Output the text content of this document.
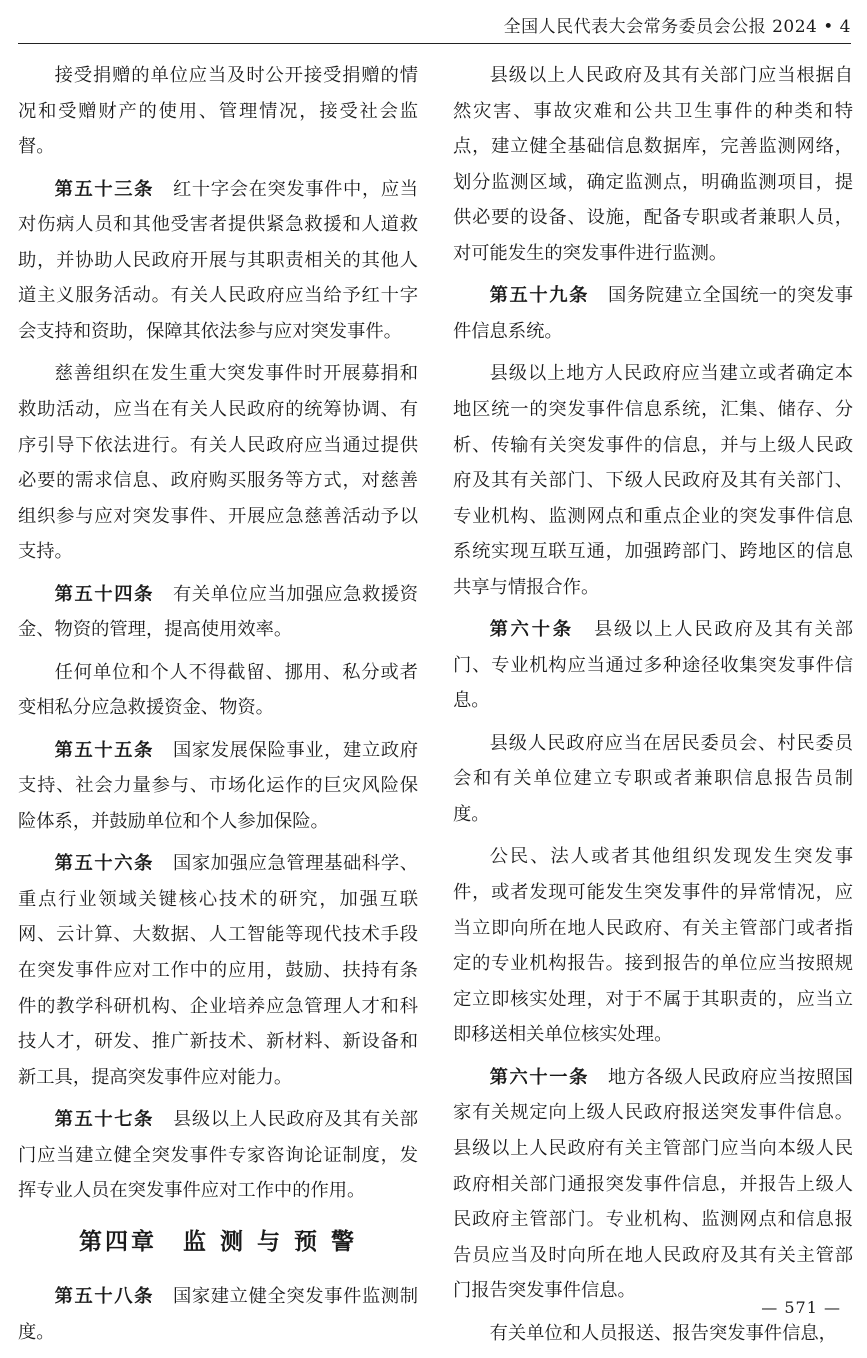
全国人民代表大会常务委员会公报 2024 • 4

接受捐赠的单位应当及时公开接受捐赠的情况和受赠财产的使用、管理情况，接受社会监督。

第五十三条　 红十字会在突发事件中，应当对伤病人员和其他受害者提供紧急救援和人道救助，并协助人民政府开展与其职责相关的其他人道主义服务活动。有关人民政府应当给予红十字会支持和资助，保障其依法参与应对突发事件。

慈善组织在发生重大突发事件时开展募捐和救助活动，应当在有关人民政府的统筹协调、有序引导下依法进行。有关人民政府应当通过提供必要的需求信息、政府购买服务等方式，对慈善组织参与应对突发事件、开展应急慈善活动予以支持。

第五十四条　 有关单位应当加强应急救援资金、物资的管理，提高使用效率。

任何单位和个人不得截留、挪用、私分或者变相私分应急救援资金、物资。

第五十五条　 国家发展保险事业，建立政府支持、社会力量参与、市场化运作的巨灾风险保险体系，并鼓励单位和个人参加保险。

第五十六条　 国家加强应急管理基础科学、重点行业领域关键核心技术的研究，加强互联网、云计算、大数据、人工智能等现代技术手段在突发事件应对工作中的应用，鼓励、扶持有条件的教学科研机构、企业培养应急管理人才和科技人才，研发、推广新技术、新材料、新设备和新工具，提高突发事件应对能力。

第五十七条　 县级以上人民政府及其有关部门应当建立健全突发事件专家咨询论证制度，发挥专业人员在突发事件应对工作中的作用。

第四章　监 测 与 预 警

第五十八条　 国家建立健全突发事件监测制度。

县级以上人民政府及其有关部门应当根据自然灾害、事故灾难和公共卫生事件的种类和特点，建立健全基础信息数据库，完善监测网络，划分监测区域，确定监测点，明确监测项目，提供必要的设备、设施，配备专职或者兼职人员，对可能发生的突发事件进行监测。

第五十九条　 国务院建立全国统一的突发事件信息系统。

县级以上地方人民政府应当建立或者确定本地区统一的突发事件信息系统，汇集、储存、分析、传输有关突发事件的信息，并与上级人民政府及其有关部门、下级人民政府及其有关部门、专业机构、监测网点和重点企业的突发事件信息系统实现互联互通，加强跨部门、跨地区的信息共享与情报合作。

第六十条　 县级以上人民政府及其有关部门、专业机构应当通过多种途径收集突发事件信息。

县级人民政府应当在居民委员会、村民委员会和有关单位建立专职或者兼职信息报告员制度。

公民、法人或者其他组织发现发生突发事件，或者发现可能发生突发事件的异常情况，应当立即向所在地人民政府、有关主管部门或者指定的专业机构报告。接到报告的单位应当按照规定立即核实处理，对于不属于其职责的，应当立即移送相关单位核实处理。

第六十一条　 地方各级人民政府应当按照国家有关规定向上级人民政府报送突发事件信息。县级以上人民政府有关主管部门应当向本级人民政府相关部门通报突发事件信息，并报告上级人民政府主管部门。专业机构、监测网点和信息报告员应当及时向所在地人民政府及其有关主管部门报告突发事件信息。

有关单位和人员报送、报告突发事件信息，

— 571 —
